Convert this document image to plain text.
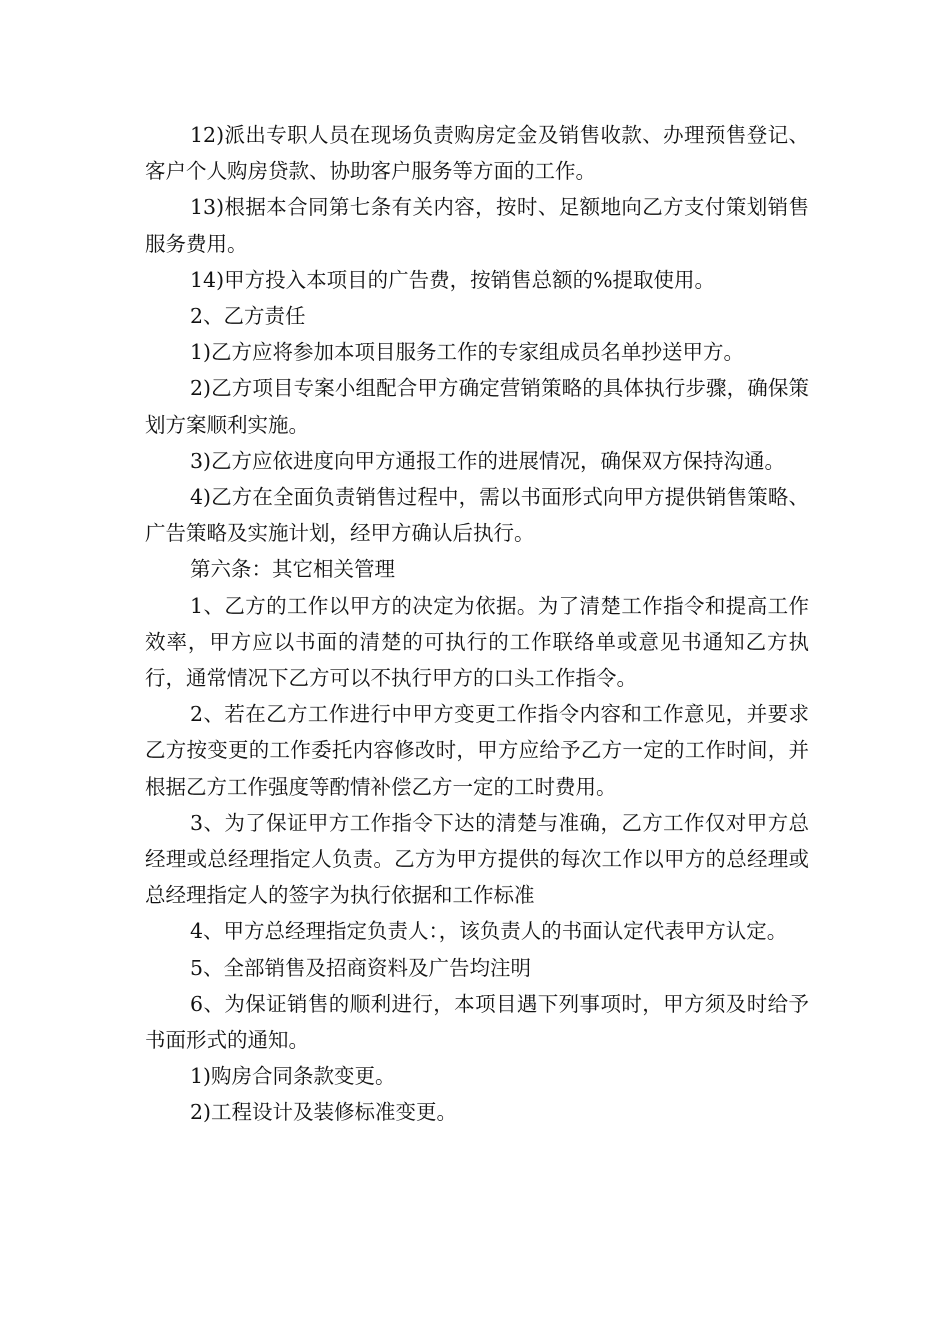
12)派出专职人员在现场负责购房定金及销售收款、办理预售登记、客户个人购房贷款、协助客户服务等方面的工作。

13)根据本合同第七条有关内容，按时、足额地向乙方支付策划销售服务费用。

14)甲方投入本项目的广告费，按销售总额的%提取使用。

2、乙方责任

1)乙方应将参加本项目服务工作的专家组成员名单抄送甲方。

2)乙方项目专案小组配合甲方确定营销策略的具体执行步骤，确保策划方案顺利实施。

3)乙方应依进度向甲方通报工作的进展情况，确保双方保持沟通。

4)乙方在全面负责销售过程中，需以书面形式向甲方提供销售策略、广告策略及实施计划，经甲方确认后执行。

第六条：其它相关管理

1、乙方的工作以甲方的决定为依据。为了清楚工作指令和提高工作效率，甲方应以书面的清楚的可执行的工作联络单或意见书通知乙方执行，通常情况下乙方可以不执行甲方的口头工作指令。

2、若在乙方工作进行中甲方变更工作指令内容和工作意见，并要求乙方按变更的工作委托内容修改时，甲方应给予乙方一定的工作时间，并根据乙方工作强度等酌情补偿乙方一定的工时费用。

3、为了保证甲方工作指令下达的清楚与准确，乙方工作仅对甲方总经理或总经理指定人负责。乙方为甲方提供的每次工作以甲方的总经理或总经理指定人的签字为执行依据和工作标准

4、甲方总经理指定负责人：，该负责人的书面认定代表甲方认定。

5、全部销售及招商资料及广告均注明

6、为保证销售的顺利进行，本项目遇下列事项时，甲方须及时给予书面形式的通知。

1)购房合同条款变更。

2)工程设计及装修标准变更。
